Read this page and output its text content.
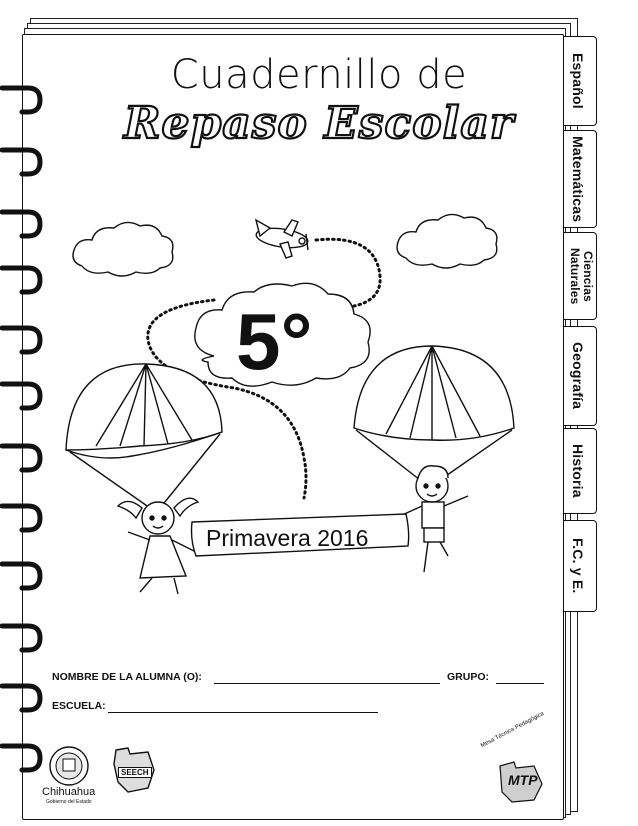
Español
Matemáticas
Ciencias Naturales
Geografía
Historia
F.C. y E.
Cuadernillo de
Repaso Escolar
5°
Primavera 2016
NOMBRE DE LA ALUMNA (O):	GRUPO:
ESCUELA:
Chihuahua
Gobierno del Estado
SEECH
Mesa Técnica Pedagógica
MTP
